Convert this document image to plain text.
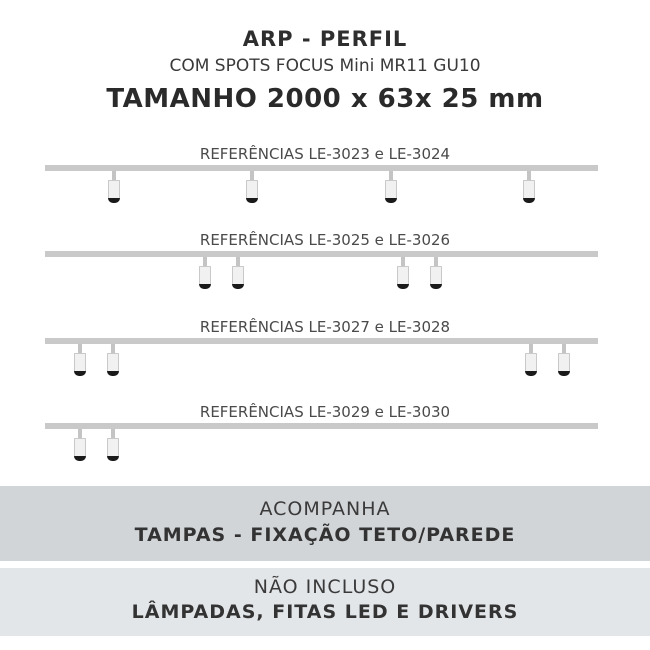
ARP - PERFIL
COM SPOTS FOCUS Mini MR11 GU10
TAMANHO 2000 x 63x 25 mm
REFERÊNCIAS LE-3023 e LE-3024
REFERÊNCIAS LE-3025 e LE-3026
REFERÊNCIAS LE-3027 e LE-3028
REFERÊNCIAS LE-3029 e LE-3030
ACOMPANHA
TAMPAS - FIXAÇÃO TETO/PAREDE
NÃO INCLUSO
LÂMPADAS, FITAS LED E DRIVERS
